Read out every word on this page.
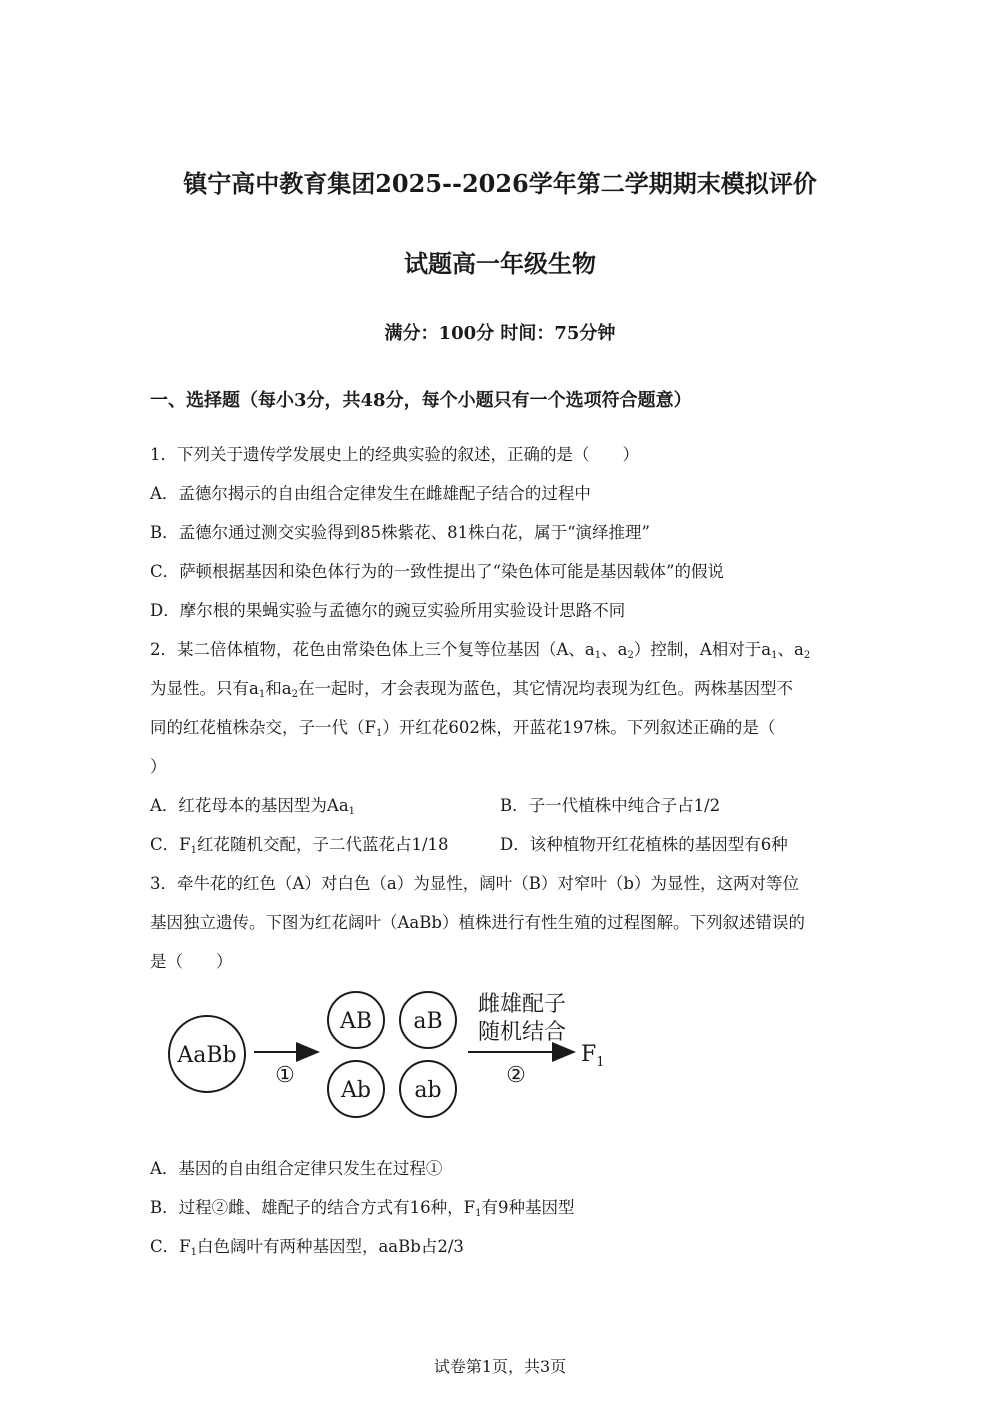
镇宁高中教育集团2025--2026学年第二学期期末模拟评价
试题高一年级生物
满分：100分 时间：75分钟
一、选择题（每小3分，共48分，每个小题只有一个选项符合题意）
1．下列关于遗传学发展史上的经典实验的叙述，正确的是（　　）
A．孟德尔揭示的自由组合定律发生在雌雄配子结合的过程中
B．孟德尔通过测交实验得到85株紫花、81株白花，属于“演绎推理”
C．萨顿根据基因和染色体行为的一致性提出了“染色体可能是基因载体”的假说
D．摩尔根的果蝇实验与孟德尔的豌豆实验所用实验设计思路不同
2．某二倍体植物，花色由常染色体上三个复等位基因（A、$a_1$、$a_2$）控制，A相对于$a_1$、$a_2$
为显性。只有$a_1$和$a_2$在一起时，才会表现为蓝色，其它情况均表现为红色。两株基因型不
同的红花植株杂交，子一代$(F_1)$开红花602株，开蓝花197株。下列叙述正确的是（
）
A．红花母本的基因型为$Aa_1$	B．子一代植株中纯合子占1/2
C．$F_1$红花随机交配，子二代蓝花占1/18	D．该种植物开红花植株的基因型有6种
3．牵牛花的红色（A）对白色（a）为显性，阔叶（B）对窄叶（b）为显性，这两对等位
基因独立遗传。下图为红花阔叶（AaBb）植株进行有性生殖的过程图解。下列叙述错误的
是（　　）
AaBb
①
AB aB
Ab ab
雌雄配子
随机结合
②
$F_1$
A．基因的自由组合定律只发生在过程①
B．过程②雌、雄配子的结合方式有16种，$F_1$有9种基因型
C．$F_1$白色阔叶有两种基因型，aaBb占2/3
试卷第1页，共3页
